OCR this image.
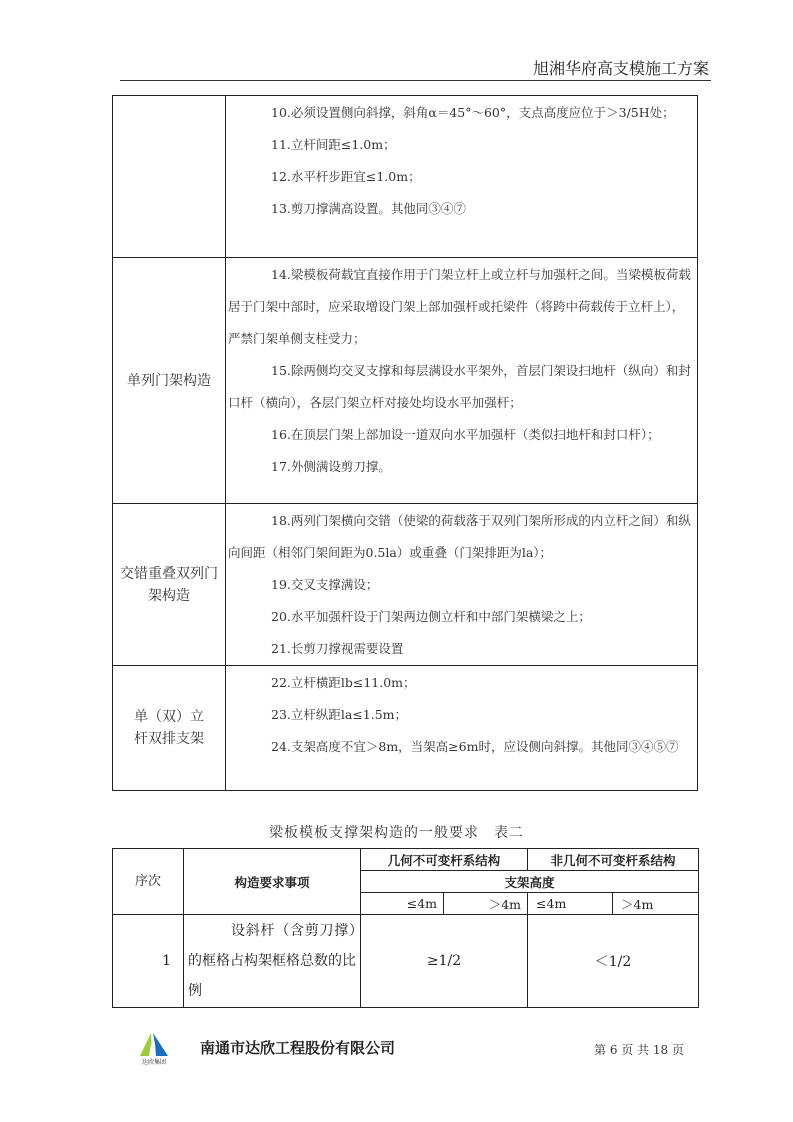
旭湘华府高支模施工方案

	10.必须设置侧向斜撑，斜角α＝45°～60°，支点高度应位于＞3/5H处；

11.立杆间距≤1.0m；

12.水平杆步距宜≤1.0m；

13.剪刀撑满高设置。其他同③④⑦

单列门架构造	14.梁模板荷载宜直接作用于门架立杆上或立杆与加强杆之间。当梁模板荷载居于门架中部时，应采取增设门架上部加强杆或托梁件（将跨中荷载传于立杆上），严禁门架单侧支柱受力；

15.除两侧均交叉支撑和每层满设水平架外，首层门架设扫地杆（纵向）和封口杆（横向），各层门架立杆对接处均设水平加强杆；

16.在顶层门架上部加设一道双向水平加强杆（类似扫地杆和封口杆）；

17.外侧满设剪刀撑。

交错重叠双列门架构造	18.两列门架横向交错（使梁的荷载落于双列门架所形成的内立杆之间）和纵向间距（相邻门架间距为0.5la）或重叠（门架排距为la）；

19.交叉支撑满设；

20.水平加强杆设于门架两边侧立杆和中部门架横梁之上；

21.长剪刀撑视需要设置

单（双）立杆双排支架	22.立杆横距lb≤11.0m；

23.立杆纵距la≤1.5m；

24.支架高度不宜＞8m，当架高≥6m时，应设侧向斜撑。其他同③④⑤⑦

梁板模板支撑架构造的一般要求　表二
序次	构造要求事项	几何不可变杆系结构		非几何不可变杆系结构	
		支架高度			
		≤4m	＞4m	≤4m	＞4m
1	设斜杆（含剪刀撑）的框格占构架框格总数的比例	≥1/2		＜1/2	
达欣集团
南通市达欣工程股份有限公司	第 6 页 共 18 页
